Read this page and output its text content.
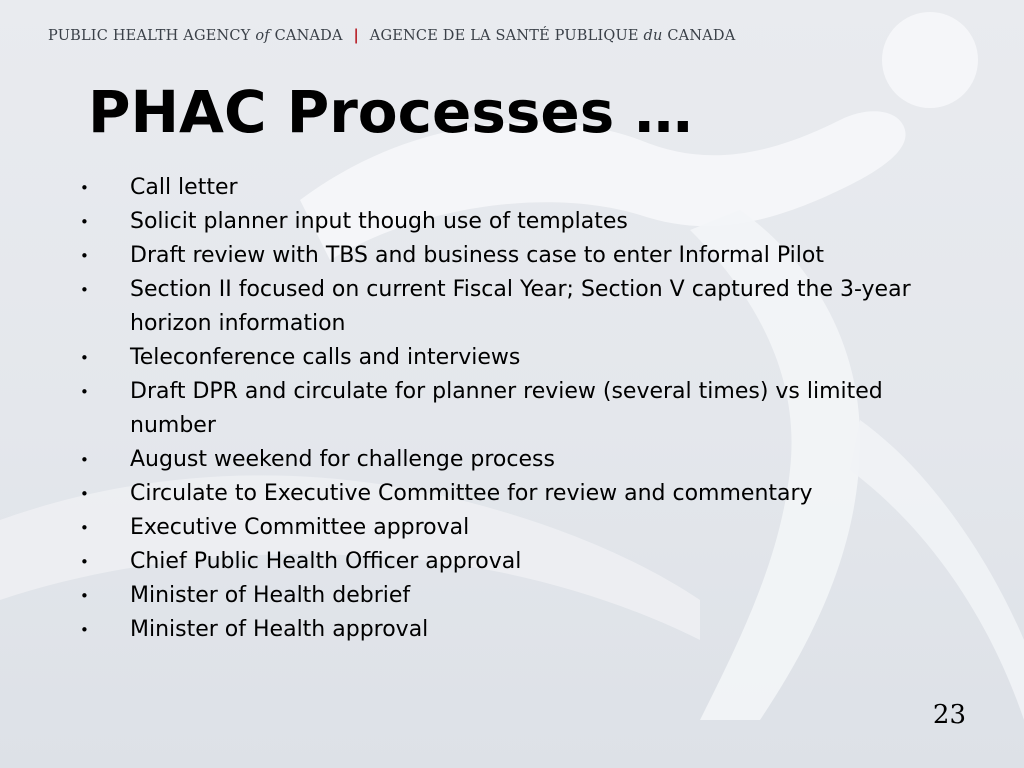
PUBLIC HEALTH AGENCY of CANADA | AGENCE DE LA SANTÉ PUBLIQUE du CANADA
PHAC Processes …
• Call letter
• Solicit planner input though use of templates
• Draft review with TBS and business case to enter Informal Pilot
• Section II focused on current Fiscal Year; Section V captured the 3-year horizon information
• Teleconference calls and interviews
• Draft DPR and circulate for planner review (several times) vs limited number
• August weekend for challenge process
• Circulate to Executive Committee for review and commentary
• Executive Committee approval
• Chief Public Health Officer approval
• Minister of Health debrief
• Minister of Health approval
23
